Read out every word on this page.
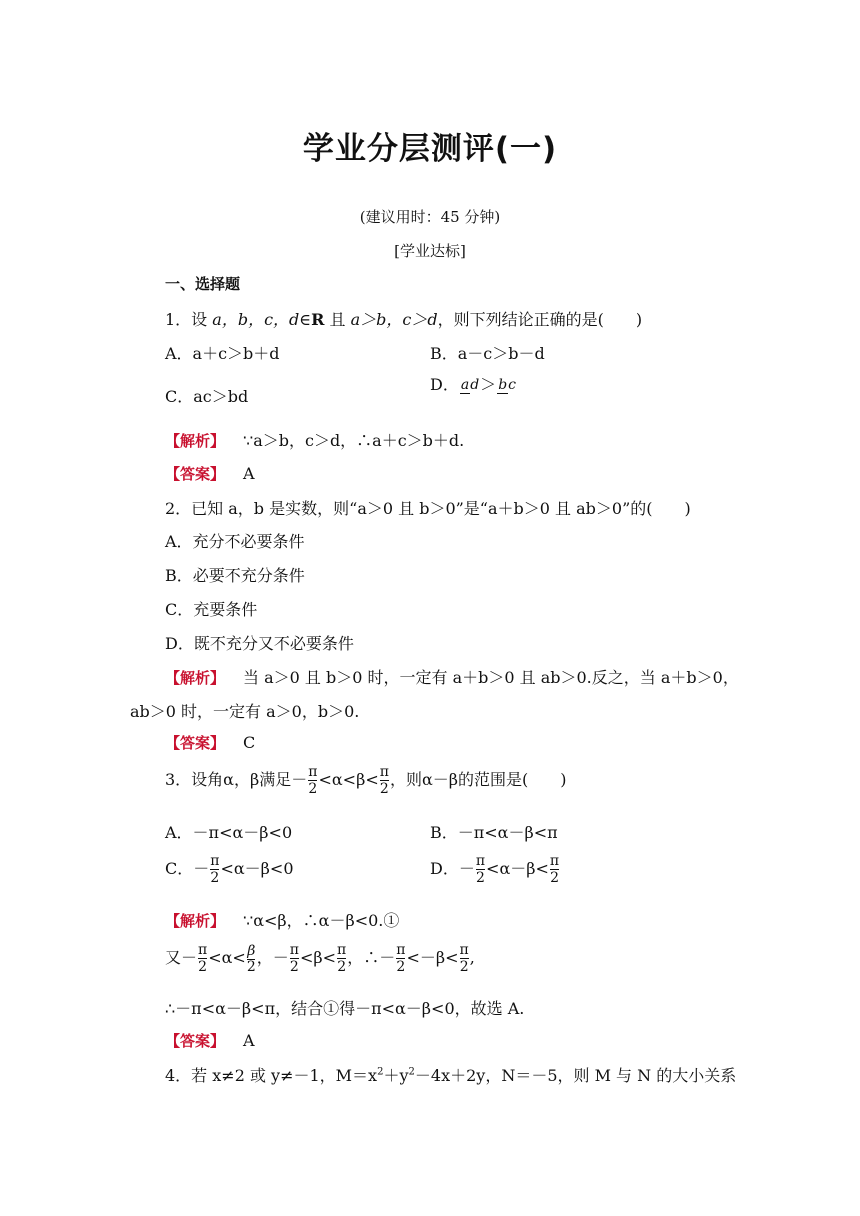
学业分层测评(一)
(建议用时：45 分钟)
[学业达标]
一、选择题
1．设 a，b，c，d∈R 且 a＞b，c＞d，则下列结论正确的是(　　)
A．a＋c＞b＋d	B．a－c＞b－d
C．ac＞bd
D． ad＞ bc
【解析】 ∵a＞b，c＞d，∴a＋c＞b＋d.
【答案】 A
2．已知 a，b 是实数，则“a＞0 且 b＞0”是“a＋b＞0 且 ab＞0”的(　　)
A．充分不必要条件
B．必要不充分条件
C．充要条件
D．既不充分又不必要条件
【解析】 当 a＞0 且 b＞0 时，一定有 a＋b＞0 且 ab＞0.反之，当 a＋b＞0，
ab＞0 时，一定有 a＞0，b＞0.
【答案】 C
3．设角α，β满足－ $\frac{\pi}{2} <\alpha<\beta< \frac{\pi}{2}$ ，则α－β的范围是(　　)
A．－π<α－β<0	B．－π<α－β<π
C．－ $\frac{\pi}{2} <\alpha-\beta<0$	D．－ $\frac{\pi}{2} <\alpha-\beta< \frac{\pi}{2}$
【解析】 ∵α<β，∴α－β<0.①
又－ $\frac{\pi}{2} <\alpha<\frac{\beta}{2}$ ，－ $\frac{\pi}{2} <\beta< \frac{\pi}{2}$ ，∴－ $\frac{\pi}{2} <-\beta< \frac{\pi}{2}$ ,
∴－π<α－β<π，结合①得－π<α－β<0，故选 A.
【答案】 A
4．若 x≠2 或 y≠－1，$M=x^2+y^2-4x+2y$，N＝－5，则 M 与 N 的大小关系
